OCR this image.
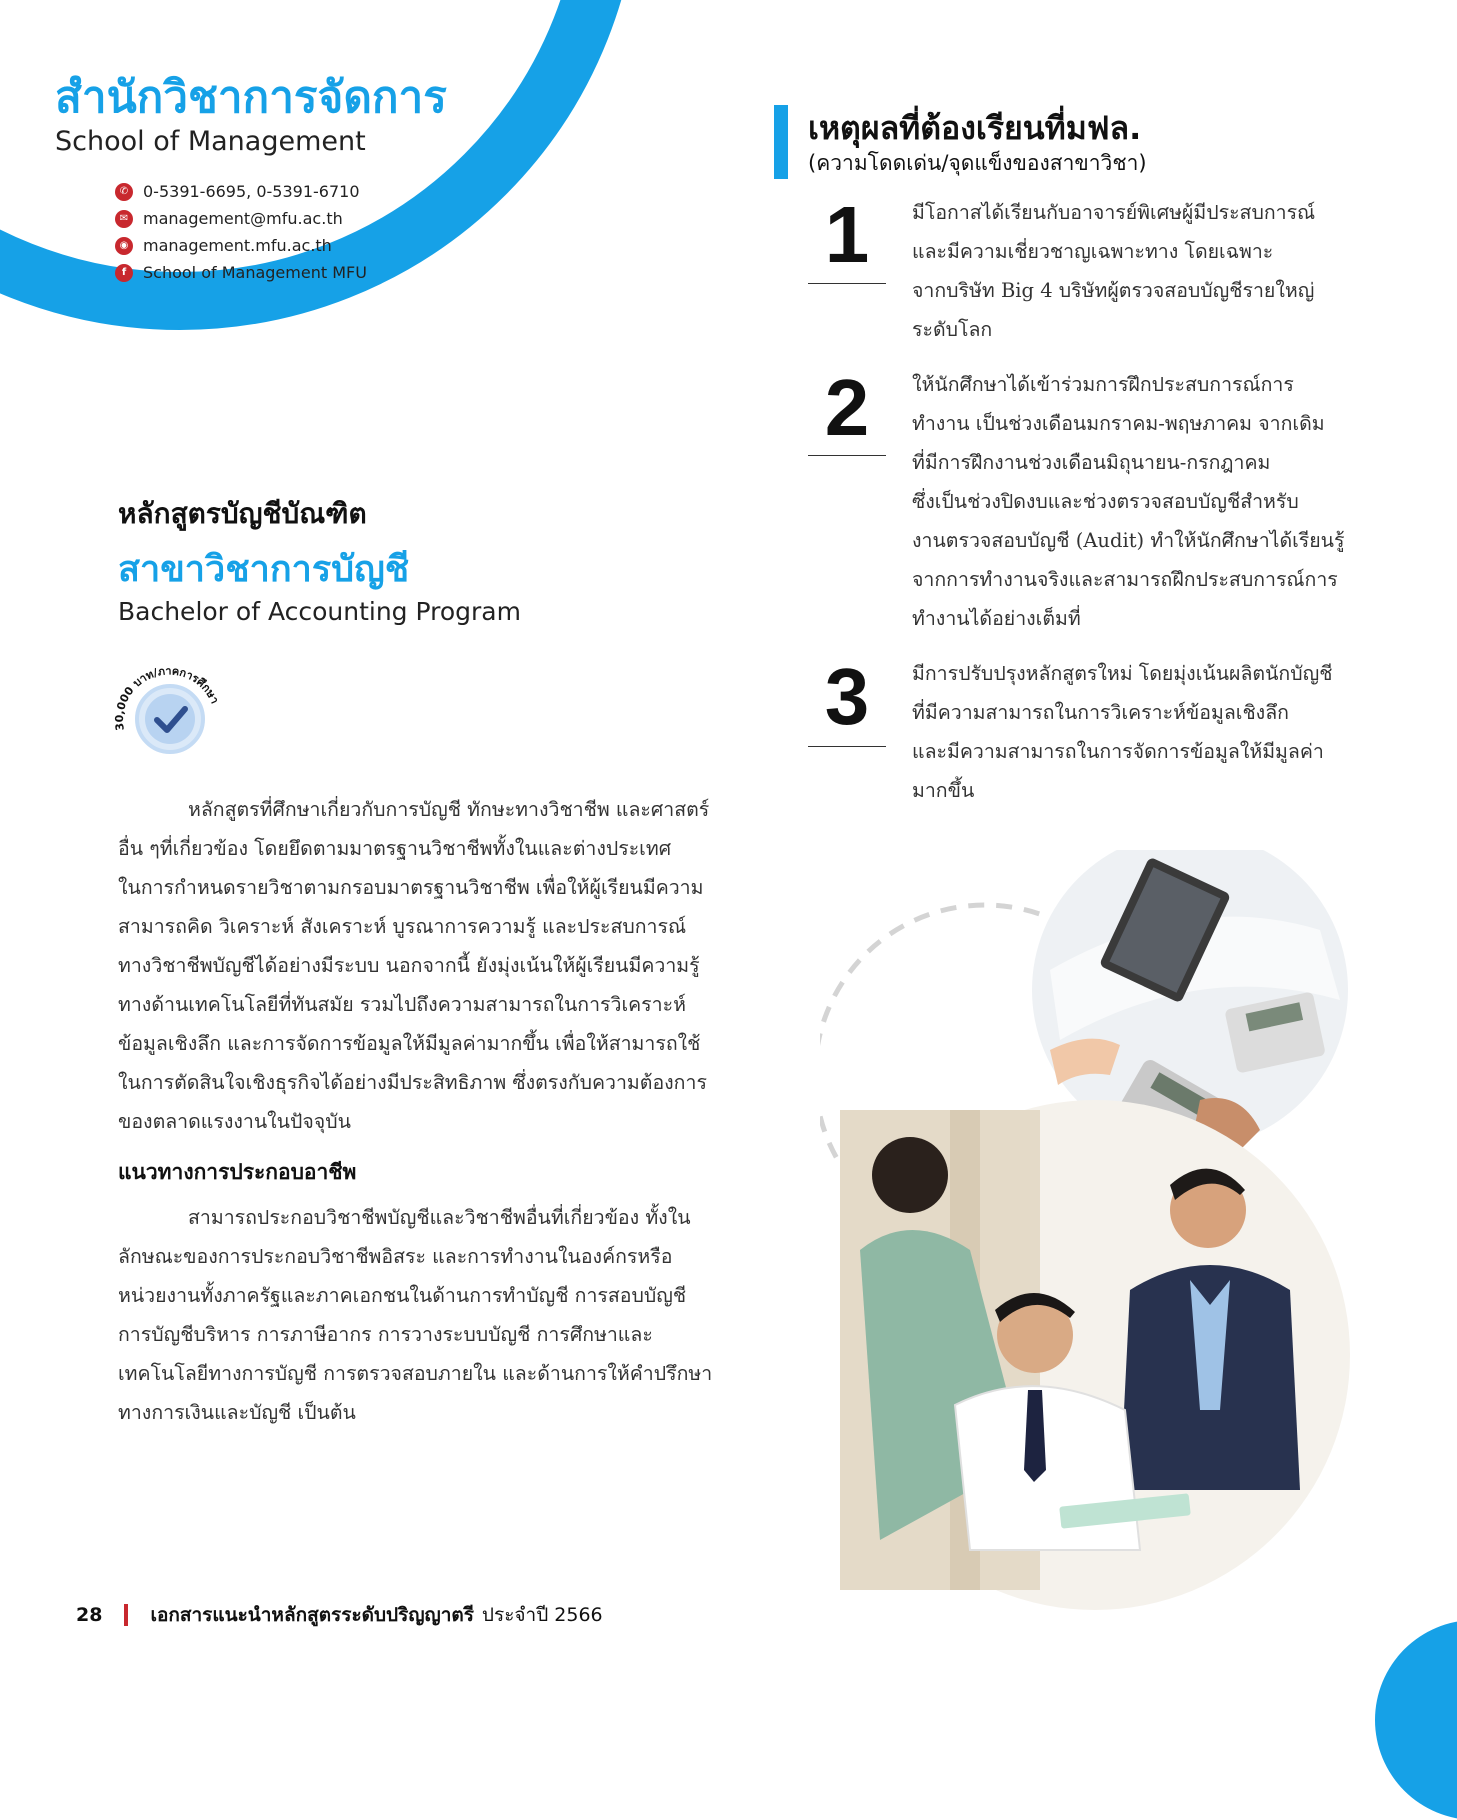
สำนักวิชาการจัดการ
School of Management
✆ 0-5391-6695, 0-5391-6710
✉ management@mfu.ac.th
◉ management.mfu.ac.th
f	School of Management MFU
หลักสูตรบัญชีบัณฑิต
สาขาวิชาการบัญชี
Bachelor of Accounting Program
30,000 บาท/ภาคการศึกษา
หลักสูตรที่ศึกษาเกี่ยวกับการบัญชี ทักษะทางวิชาชีพ และศาสตร์
อื่น ๆที่เกี่ยวข้อง โดยยึดตามมาตรฐานวิชาชีพทั้งในและต่างประเทศ
ในการกำหนดรายวิชาตามกรอบมาตรฐานวิชาชีพ เพื่อให้ผู้เรียนมีความ
สามารถคิด วิเคราะห์ สังเคราะห์ บูรณาการความรู้ และประสบการณ์
ทางวิชาชีพบัญชีได้อย่างมีระบบ นอกจากนี้ ยังมุ่งเน้นให้ผู้เรียนมีความรู้
ทางด้านเทคโนโลยีที่ทันสมัย รวมไปถึงความสามารถในการวิเคราะห์
ข้อมูลเชิงลึก และการจัดการข้อมูลให้มีมูลค่ามากขึ้น เพื่อให้สามารถใช้
ในการตัดสินใจเชิงธุรกิจได้อย่างมีประสิทธิภาพ ซึ่งตรงกับความต้องการ
ของตลาดแรงงานในปัจจุบัน
แนวทางการประกอบอาชีพ
สามารถประกอบวิชาชีพบัญชีและวิชาชีพอื่นที่เกี่ยวข้อง ทั้งใน
ลักษณะของการประกอบวิชาชีพอิสระ และการทำงานในองค์กรหรือ
หน่วยงานทั้งภาครัฐและภาคเอกชนในด้านการทำบัญชี การสอบบัญชี
การบัญชีบริหาร การภาษีอากร การวางระบบบัญชี การศึกษาและ
เทคโนโลยีทางการบัญชี การตรวจสอบภายใน และด้านการให้คำปรึกษา
ทางการเงินและบัญชี เป็นต้น
เหตุผลที่ต้องเรียนที่มฟล.
(ความโดดเด่น/จุดแข็งของสาขาวิชา)
1	มีโอกาสได้เรียนกับอาจารย์พิเศษผู้มีประสบการณ์
และมีความเชี่ยวชาญเฉพาะทาง โดยเฉพาะ
จากบริษัท Big 4 บริษัทผู้ตรวจสอบบัญชีรายใหญ่
ระดับโลก
2	ให้นักศึกษาได้เข้าร่วมการฝึกประสบการณ์การ
ทำงาน เป็นช่วงเดือนมกราคม-พฤษภาคม จากเดิม
ที่มีการฝึกงานช่วงเดือนมิถุนายน-กรกฎาคม
ซึ่งเป็นช่วงปิดงบและช่วงตรวจสอบบัญชีสำหรับ
งานตรวจสอบบัญชี (Audit) ทำให้นักศึกษาได้เรียนรู้
จากการทำงานจริงและสามารถฝึกประสบการณ์การ
ทำงานได้อย่างเต็มที่
3	มีการปรับปรุงหลักสูตรใหม่ โดยมุ่งเน้นผลิตนักบัญชี
ที่มีความสามารถในการวิเคราะห์ข้อมูลเชิงลึก
และมีความสามารถในการจัดการข้อมูลให้มีมูลค่า
มากขึ้น
28	เอกสารแนะนำหลักสูตรระดับปริญญาตรี ประจำปี 2566
